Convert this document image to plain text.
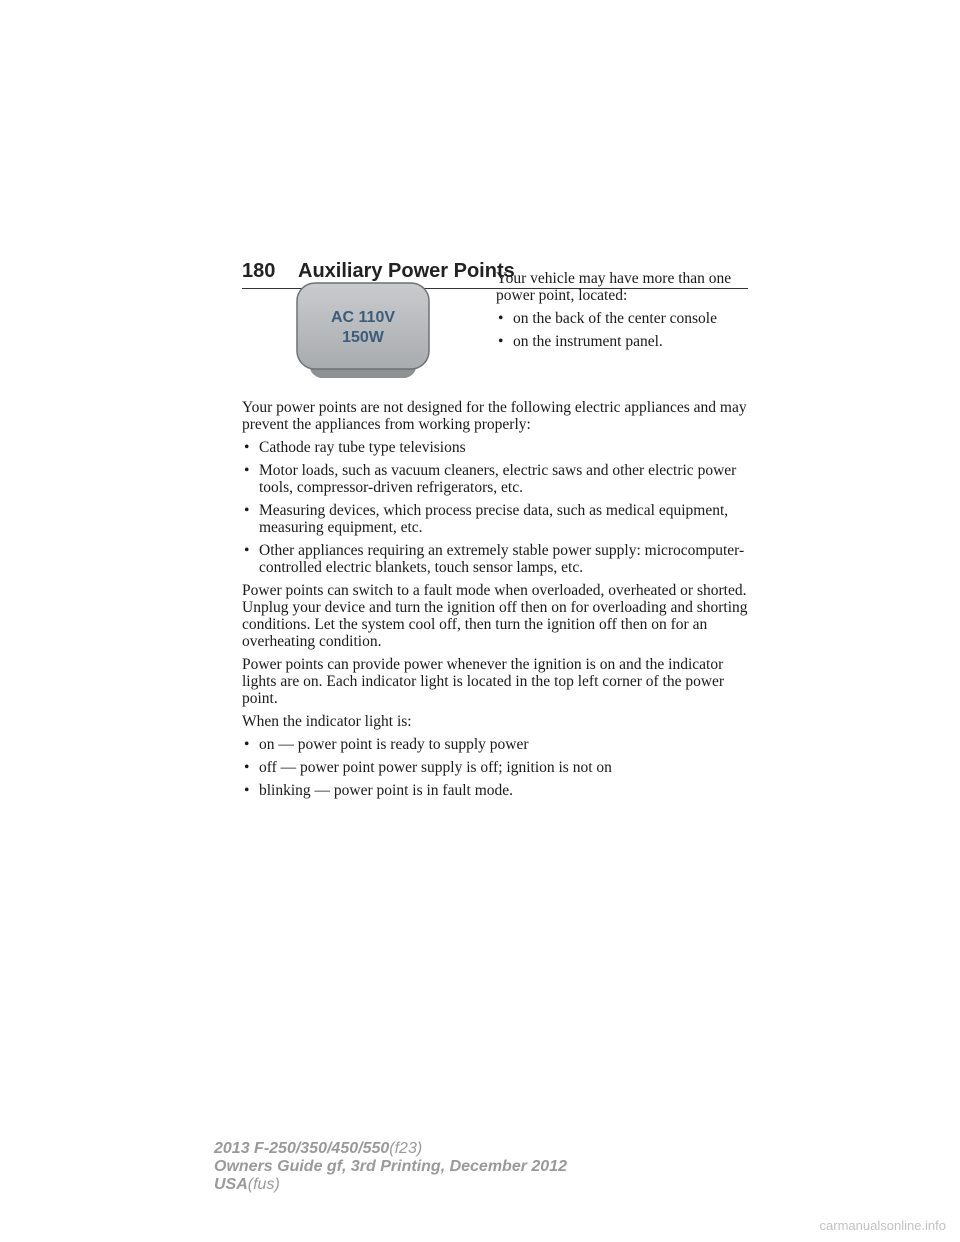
180 Auxiliary Power Points
AC 110V
150W

Your vehicle may have more than one power point, located:

• on the back of the center console
• on the instrument panel.

Your power points are not designed for the following electric appliances and may prevent the appliances from working properly:

• Cathode ray tube type televisions
• Motor loads, such as vacuum cleaners, electric saws and other electric power tools, compressor-driven refrigerators, etc.
• Measuring devices, which process precise data, such as medical equipment, measuring equipment, etc.
• Other appliances requiring an extremely stable power supply: microcomputer-controlled electric blankets, touch sensor lamps, etc.

Power points can switch to a fault mode when overloaded, overheated or shorted. Unplug your device and turn the ignition off then on for overloading and shorting conditions. Let the system cool off, then turn the ignition off then on for an overheating condition.

Power points can provide power whenever the ignition is on and the indicator lights are on. Each indicator light is located in the top left corner of the power point.

When the indicator light is:

• on — power point is ready to supply power
• off — power point power supply is off; ignition is not on
• blinking — power point is in fault mode.
2013 F-250/350/450/550(f23)
Owners Guide gf, 3rd Printing, December 2012
USA(fus)
carmanualsonline.info
